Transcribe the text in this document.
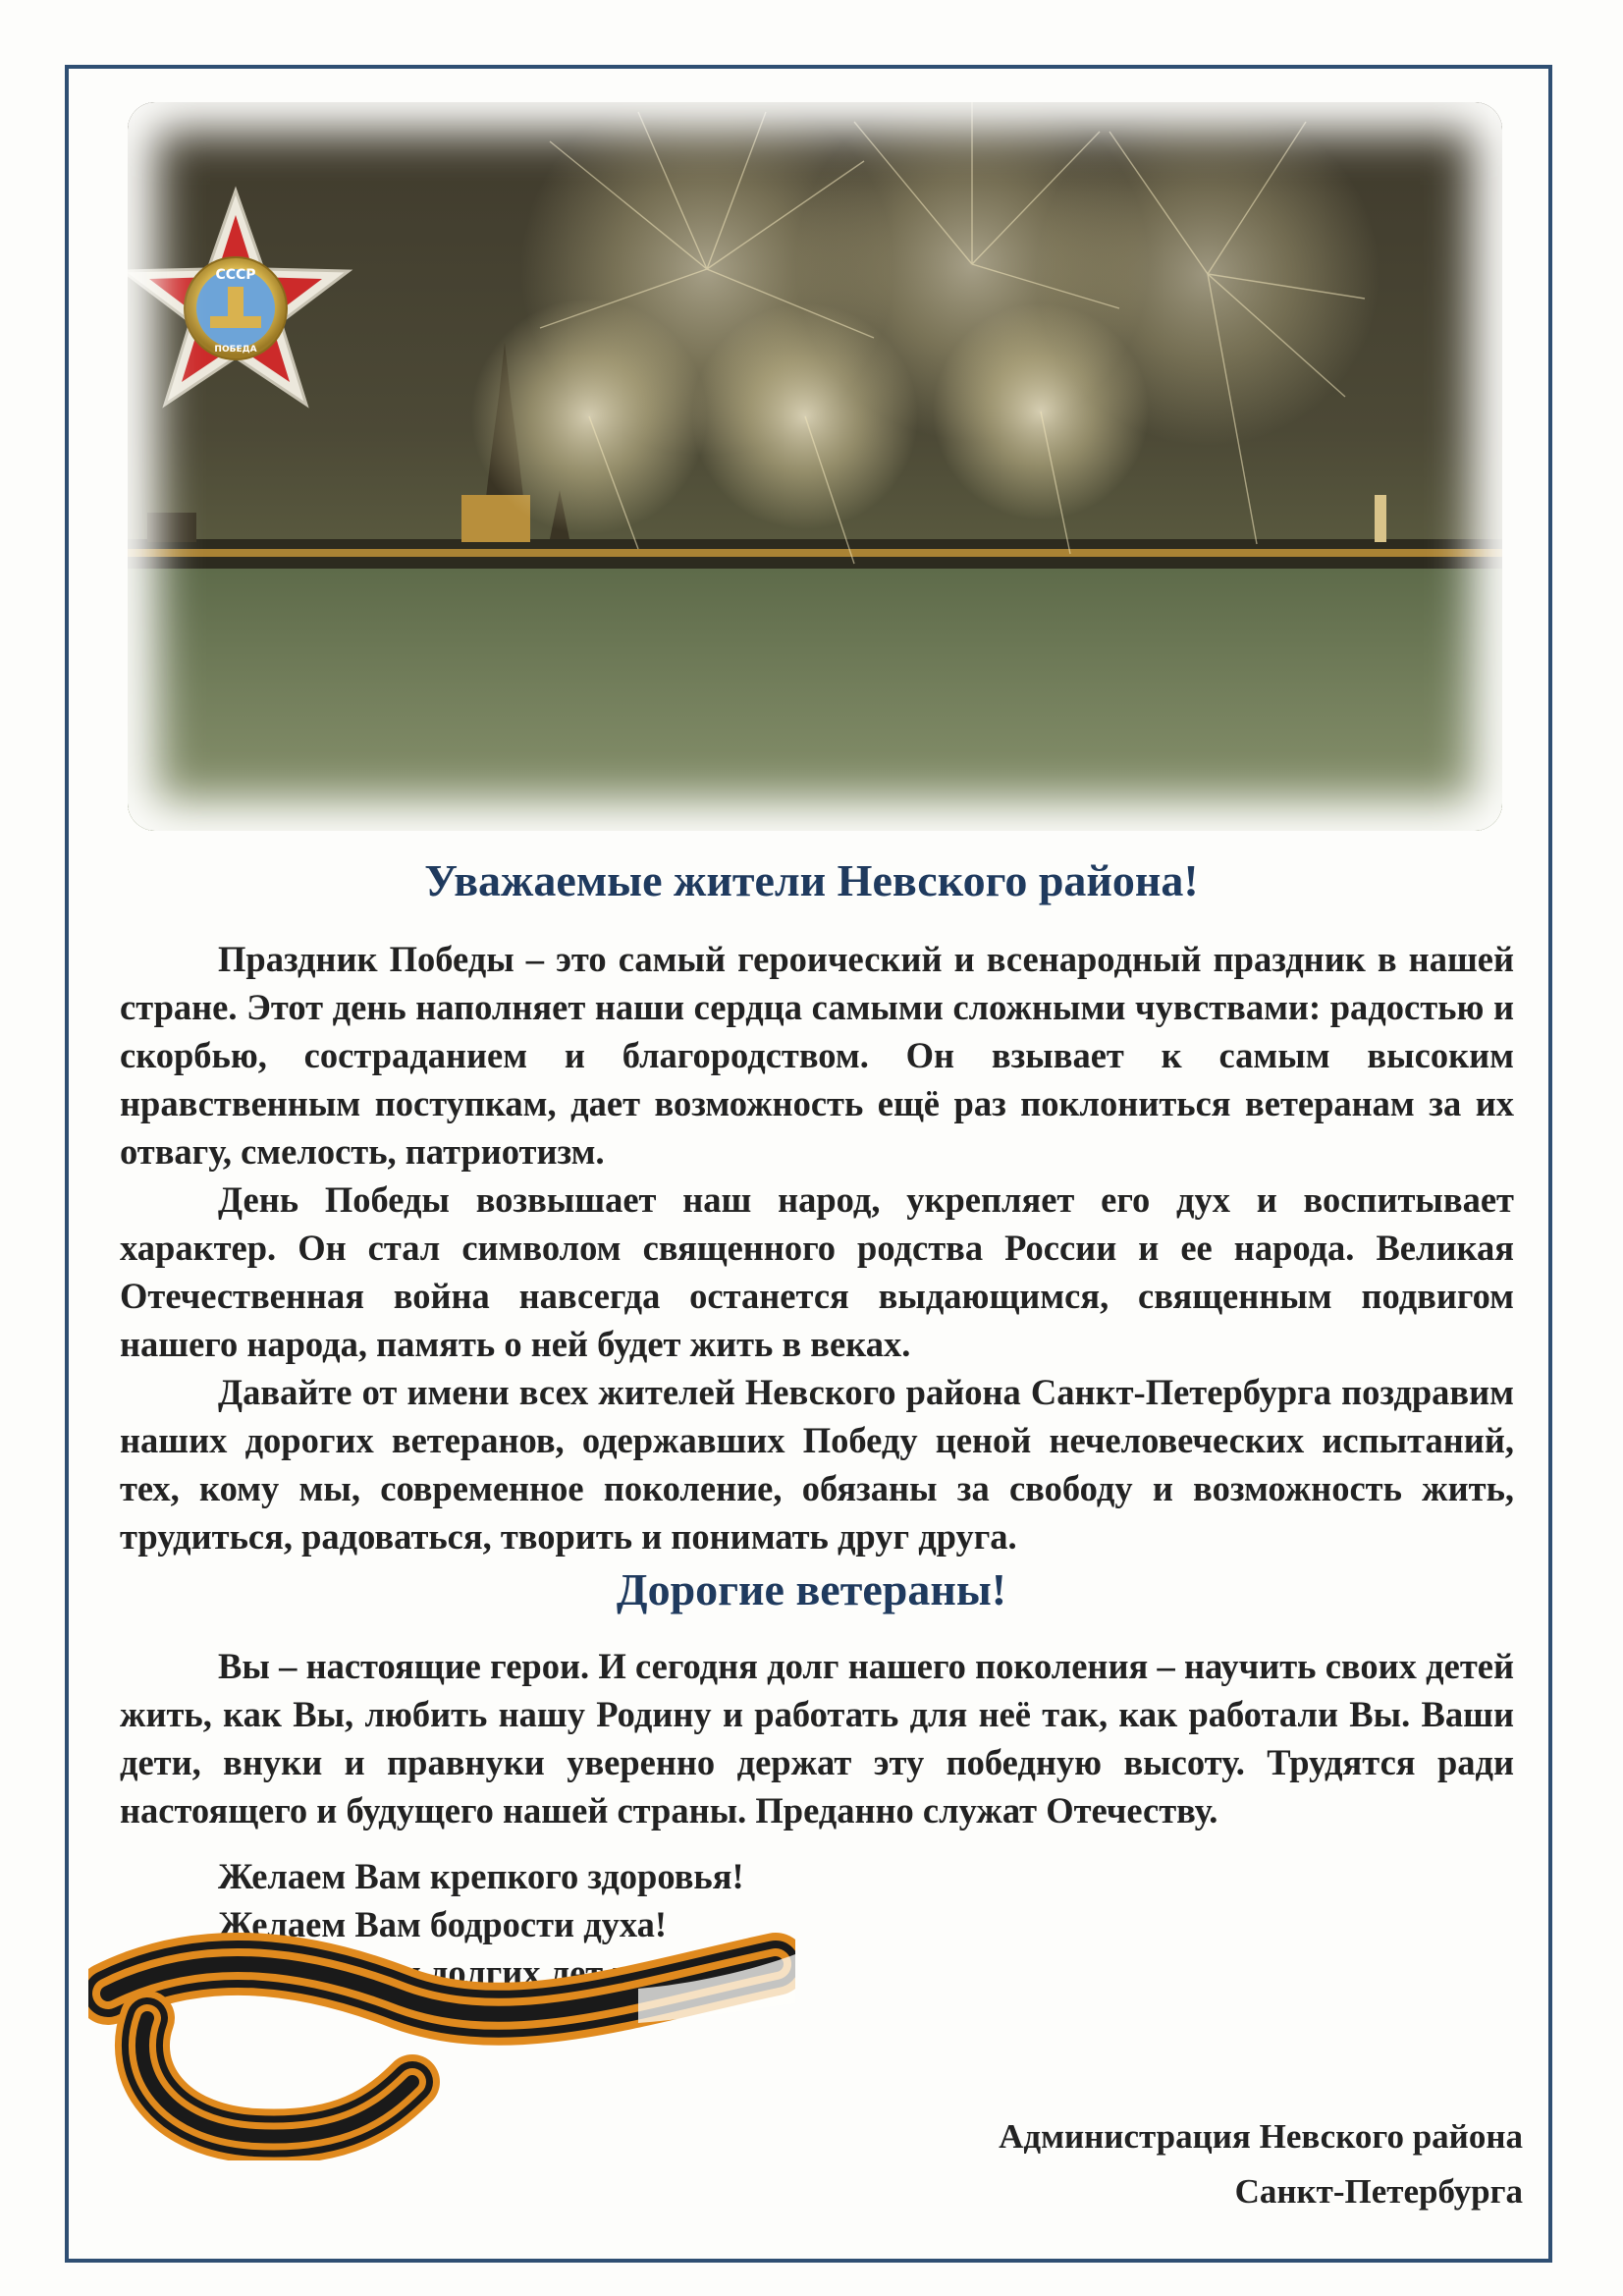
СССР
ПОБЕДА
Уважаемые жители Невского района!

Праздник Победы – это самый героический и всенародный праздник в нашей стране. Этот день наполняет наши сердца самыми сложными чувствами: радостью и скорбью, состраданием и благородством. Он взывает к самым высоким нравственным поступкам, дает возможность ещё раз поклониться ветеранам за их отвагу, смелость, патриотизм.

День Победы возвышает наш народ, укрепляет его дух и воспитывает характер. Он стал символом священного родства России и ее народа. Великая Отечественная война навсегда останется выдающимся, священным подвигом нашего народа, память о ней будет жить в веках.

Давайте от имени всех жителей Невского района Санкт-Петербурга поздравим наших дорогих ветеранов, одержавших Победу ценой нечеловеческих испытаний, тех, кому мы, современное поколение, обязаны за свободу и возможность жить, трудиться, радоваться, творить и понимать друг друга.

Дорогие ветераны!

Вы – настоящие герои. И сегодня долг нашего поколения – научить своих детей жить, как Вы, любить нашу Родину и работать для неё так, как работали Вы. Ваши дети, внуки и правнуки уверенно держат эту победную высоту. Трудятся ради настоящего и будущего нашей страны. Преданно служат Отечеству.

Желаем Вам крепкого здоровья!
Желаем Вам бодрости духа!
Желаем Вам долгих лет жизни!
Администрация Невского района
Санкт-Петербурга
